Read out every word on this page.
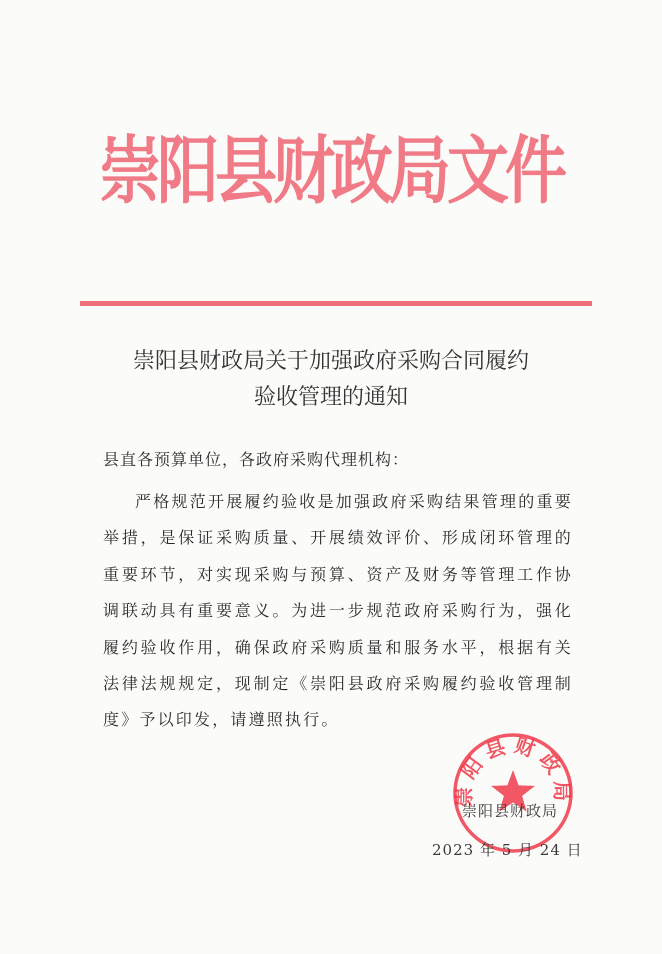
崇阳县财政局文件
崇阳县财政局关于加强政府采购合同履约
验收管理的通知
县直各预算单位，各政府采购代理机构：
严格规范开展履约验收是加强政府采购结果管理的重要举措，是保证采购质量、开展绩效评价、形成闭环管理的重要环节，对实现采购与预算、资产及财务等管理工作协调联动具有重要意义。为进一步规范政府采购行为，强化履约验收作用，确保政府采购质量和服务水平，根据有关法律法规规定，现制定《崇阳县政府采购履约验收管理制度》予以印发，请遵照执行。
崇阳县财政局
崇阳县财政局
2023 年 5 月 24 日
